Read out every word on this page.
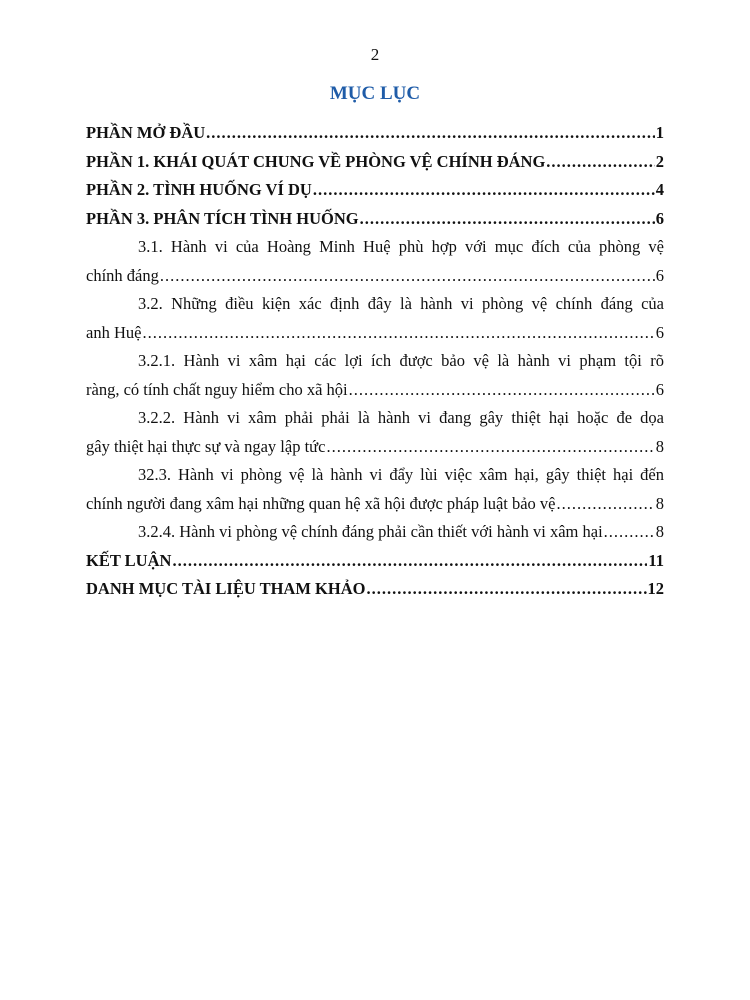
2
MỤC LỤC
PHẦN MỞ ĐẦU .....	1
PHẦN 1. KHÁI QUÁT CHUNG VỀ PHÒNG VỆ CHÍNH ĐÁNG .....	2
PHẦN 2. TÌNH HUỐNG VÍ DỤ .....	4
PHẦN 3. PHÂN TÍCH TÌNH HUỐNG .....	6
3.1. Hành vi của Hoàng Minh Huệ phù hợp với mục đích của phòng vệ
chính đáng .....	6
3.2. Những điều kiện xác định đây là hành vi phòng vệ chính đáng của
anh Huệ .....	6
3.2.1. Hành vi xâm hại các lợi ích được bảo vệ là hành vi phạm tội rõ
ràng, có tính chất nguy hiểm cho xã hội .....	6
3.2.2. Hành vi xâm phải phải là hành vi đang gây thiệt hại hoặc đe dọa
gây thiệt hại thực sự và ngay lập tức .....	8
32.3. Hành vi phòng vệ là hành vi đẩy lùi việc xâm hại, gây thiệt hại đến
chính người đang xâm hại những quan hệ xã hội được pháp luật bảo vệ .....	8
3.2.4. Hành vi phòng vệ chính đáng phải cần thiết với hành vi xâm hại .....	8
KẾT LUẬN .....	11
DANH MỤC TÀI LIỆU THAM KHẢO .....	12
